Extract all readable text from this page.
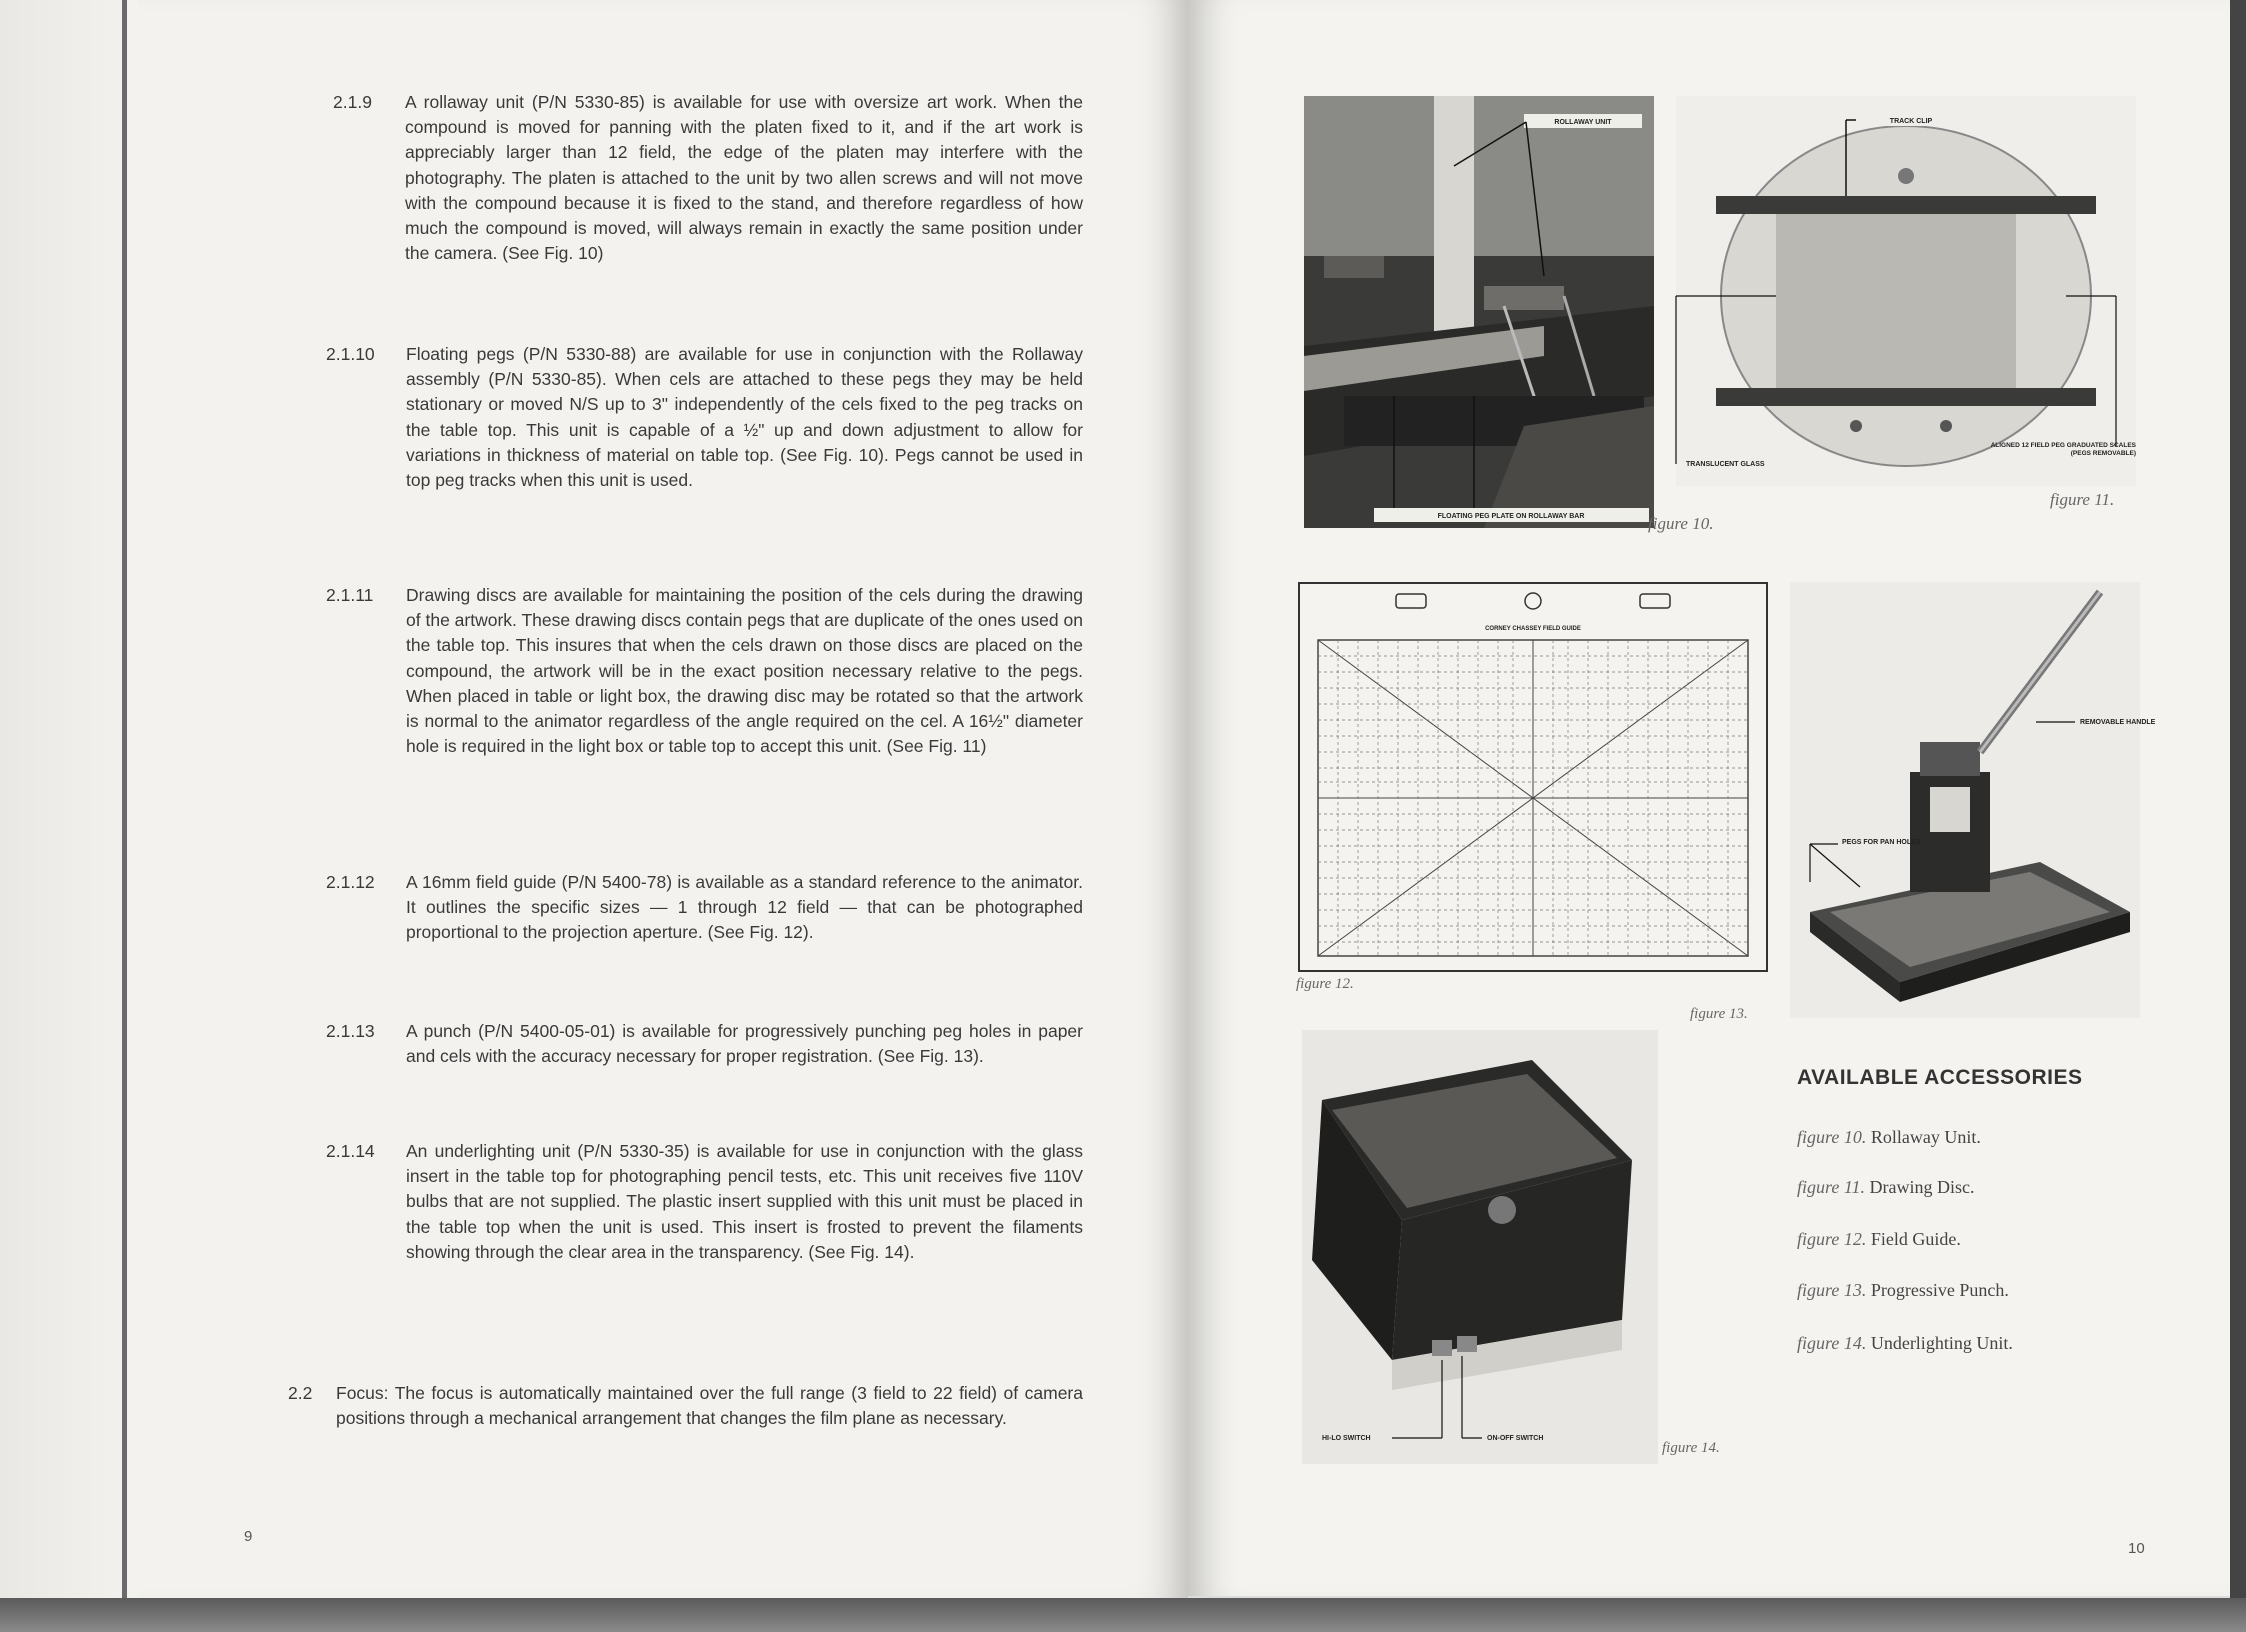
2.1.9	A rollaway unit (P/N 5330-85) is available for use with oversize art work. When the compound is moved for panning with the platen fixed to it, and if the art work is appreciably larger than 12 field, the edge of the platen may interfere with the photography. The platen is attached to the unit by two allen screws and will not move with the compound because it is fixed to the stand, and therefore regardless of how much the compound is moved, will always remain in exactly the same position under the camera. (See Fig. 10)
2.1.10	Floating pegs (P/N 5330-88) are available for use in conjunction with the Rollaway assembly (P/N 5330-85). When cels are attached to these pegs they may be held stationary or moved N/S up to 3" independently of the cels fixed to the peg tracks on the table top. This unit is capable of a ½" up and down adjustment to allow for variations in thickness of material on table top. (See Fig. 10). Pegs cannot be used in top peg tracks when this unit is used.
2.1.11	Drawing discs are available for maintaining the position of the cels during the drawing of the artwork. These drawing discs contain pegs that are duplicate of the ones used on the table top. This insures that when the cels drawn on those discs are placed on the compound, the artwork will be in the exact position necessary relative to the pegs. When placed in table or light box, the drawing disc may be rotated so that the artwork is normal to the animator regardless of the angle required on the cel. A 16½" diameter hole is required in the light box or table top to accept this unit. (See Fig. 11)
2.1.12	A 16mm field guide (P/N 5400-78) is available as a standard reference to the animator. It outlines the specific sizes — 1 through 12 field — that can be photographed proportional to the projection aperture. (See Fig. 12).
2.1.13	A punch (P/N 5400-05-01) is available for progressively punching peg holes in paper and cels with the accuracy necessary for proper registration. (See Fig. 13).
2.1.14	An underlighting unit (P/N 5330-35) is available for use in conjunction with the glass insert in the table top for photographing pencil tests, etc. This unit receives five 110V bulbs that are not supplied. The plastic insert supplied with this unit must be placed in the table top when the unit is used. This insert is frosted to prevent the filaments showing through the clear area in the transparency. (See Fig. 14).
2.2	Focus: The focus is automatically maintained over the full range (3 field to 22 field) of camera positions through a mechanical arrangement that changes the film plane as necessary.
9
ROLLAWAY UNIT
FLOATING PEG PLATE ON ROLLAWAY BAR	figure 10.
TRACK CLIP
TRANSLUCENT GLASS
ALIGNED 12 FIELD PEG GRADUATED SCALES (PEGS REMOVABLE)
figure 11.
CORNEY CHASSEY FIELD GUIDE
figure 12.
REMOVABLE HANDLE
PEGS FOR PAN HOLES
figure 13.
HI-LO SWITCH	ON-OFF SWITCH
figure 14.
AVAILABLE ACCESSORIES
figure 10. Rollaway Unit.
figure 11. Drawing Disc.
figure 12. Field Guide.
figure 13. Progressive Punch.
figure 14. Underlighting Unit.
10
